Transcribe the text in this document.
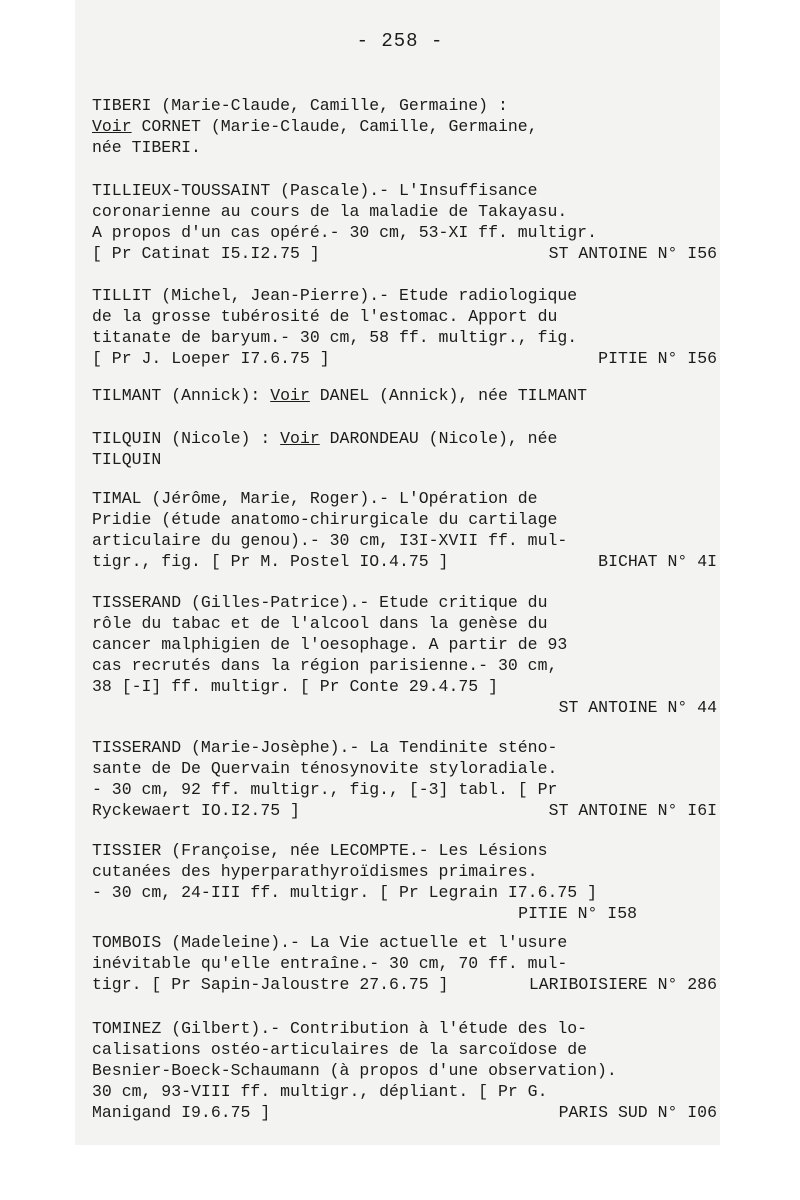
- 258 -
TIBERI (Marie-Claude, Camille, Germaine) :
Voir CORNET (Marie-Claude, Camille, Germaine,
née TIBERI.
TILLIEUX-TOUSSAINT (Pascale).- L'Insuffisance
coronarienne au cours de la maladie de Takayasu.
A propos d'un cas opéré.- 30 cm, 53-XI ff. multigr.
[ Pr Catinat I5.I2.75 ]	ST ANTOINE N° I56
TILLIT (Michel, Jean-Pierre).- Etude radiologique
de la grosse tubérosité de l'estomac. Apport du
titanate de baryum.- 30 cm, 58 ff. multigr., fig.
[ Pr J. Loeper I7.6.75 ]	PITIE N° I56
TILMANT (Annick): Voir DANEL (Annick), née TILMANT
TILQUIN (Nicole) : Voir DARONDEAU (Nicole), née
TILQUIN
TIMAL (Jérôme, Marie, Roger).- L'Opération de
Pridie (étude anatomo-chirurgicale du cartilage
articulaire du genou).- 30 cm, I3I-XVII ff. mul-
tigr., fig. [ Pr M. Postel IO.4.75 ]	BICHAT N° 4I
TISSERAND (Gilles-Patrice).- Etude critique du
rôle du tabac et de l'alcool dans la genèse du
cancer malphigien de l'oesophage. A partir de 93
cas recrutés dans la région parisienne.- 30 cm,
38 [-I] ff. multigr. [ Pr Conte 29.4.75 ]
ST ANTOINE N° 44
TISSERAND (Marie-Josèphe).- La Tendinite sténo-
sante de De Quervain ténosynovite styloradiale.
- 30 cm, 92 ff. multigr., fig., [-3] tabl. [ Pr
Ryckewaert IO.I2.75 ]	ST ANTOINE N° I6I
TISSIER (Françoise, née LECOMPTE.- Les Lésions
cutanées des hyperparathyroïdismes primaires.
- 30 cm, 24-III ff. multigr. [ Pr Legrain I7.6.75 ]
PITIE N° I58
TOMBOIS (Madeleine).- La Vie actuelle et l'usure
inévitable qu'elle entraîne.- 30 cm, 70 ff. mul-
tigr. [ Pr Sapin-Jaloustre 27.6.75 ]	LARIBOISIERE N° 286
TOMINEZ (Gilbert).- Contribution à l'étude des lo-
calisations ostéo-articulaires de la sarcoïdose de
Besnier-Boeck-Schaumann (à propos d'une observation).
30 cm, 93-VIII ff. multigr., dépliant. [ Pr G.
Manigand I9.6.75 ]	PARIS SUD N° I06
